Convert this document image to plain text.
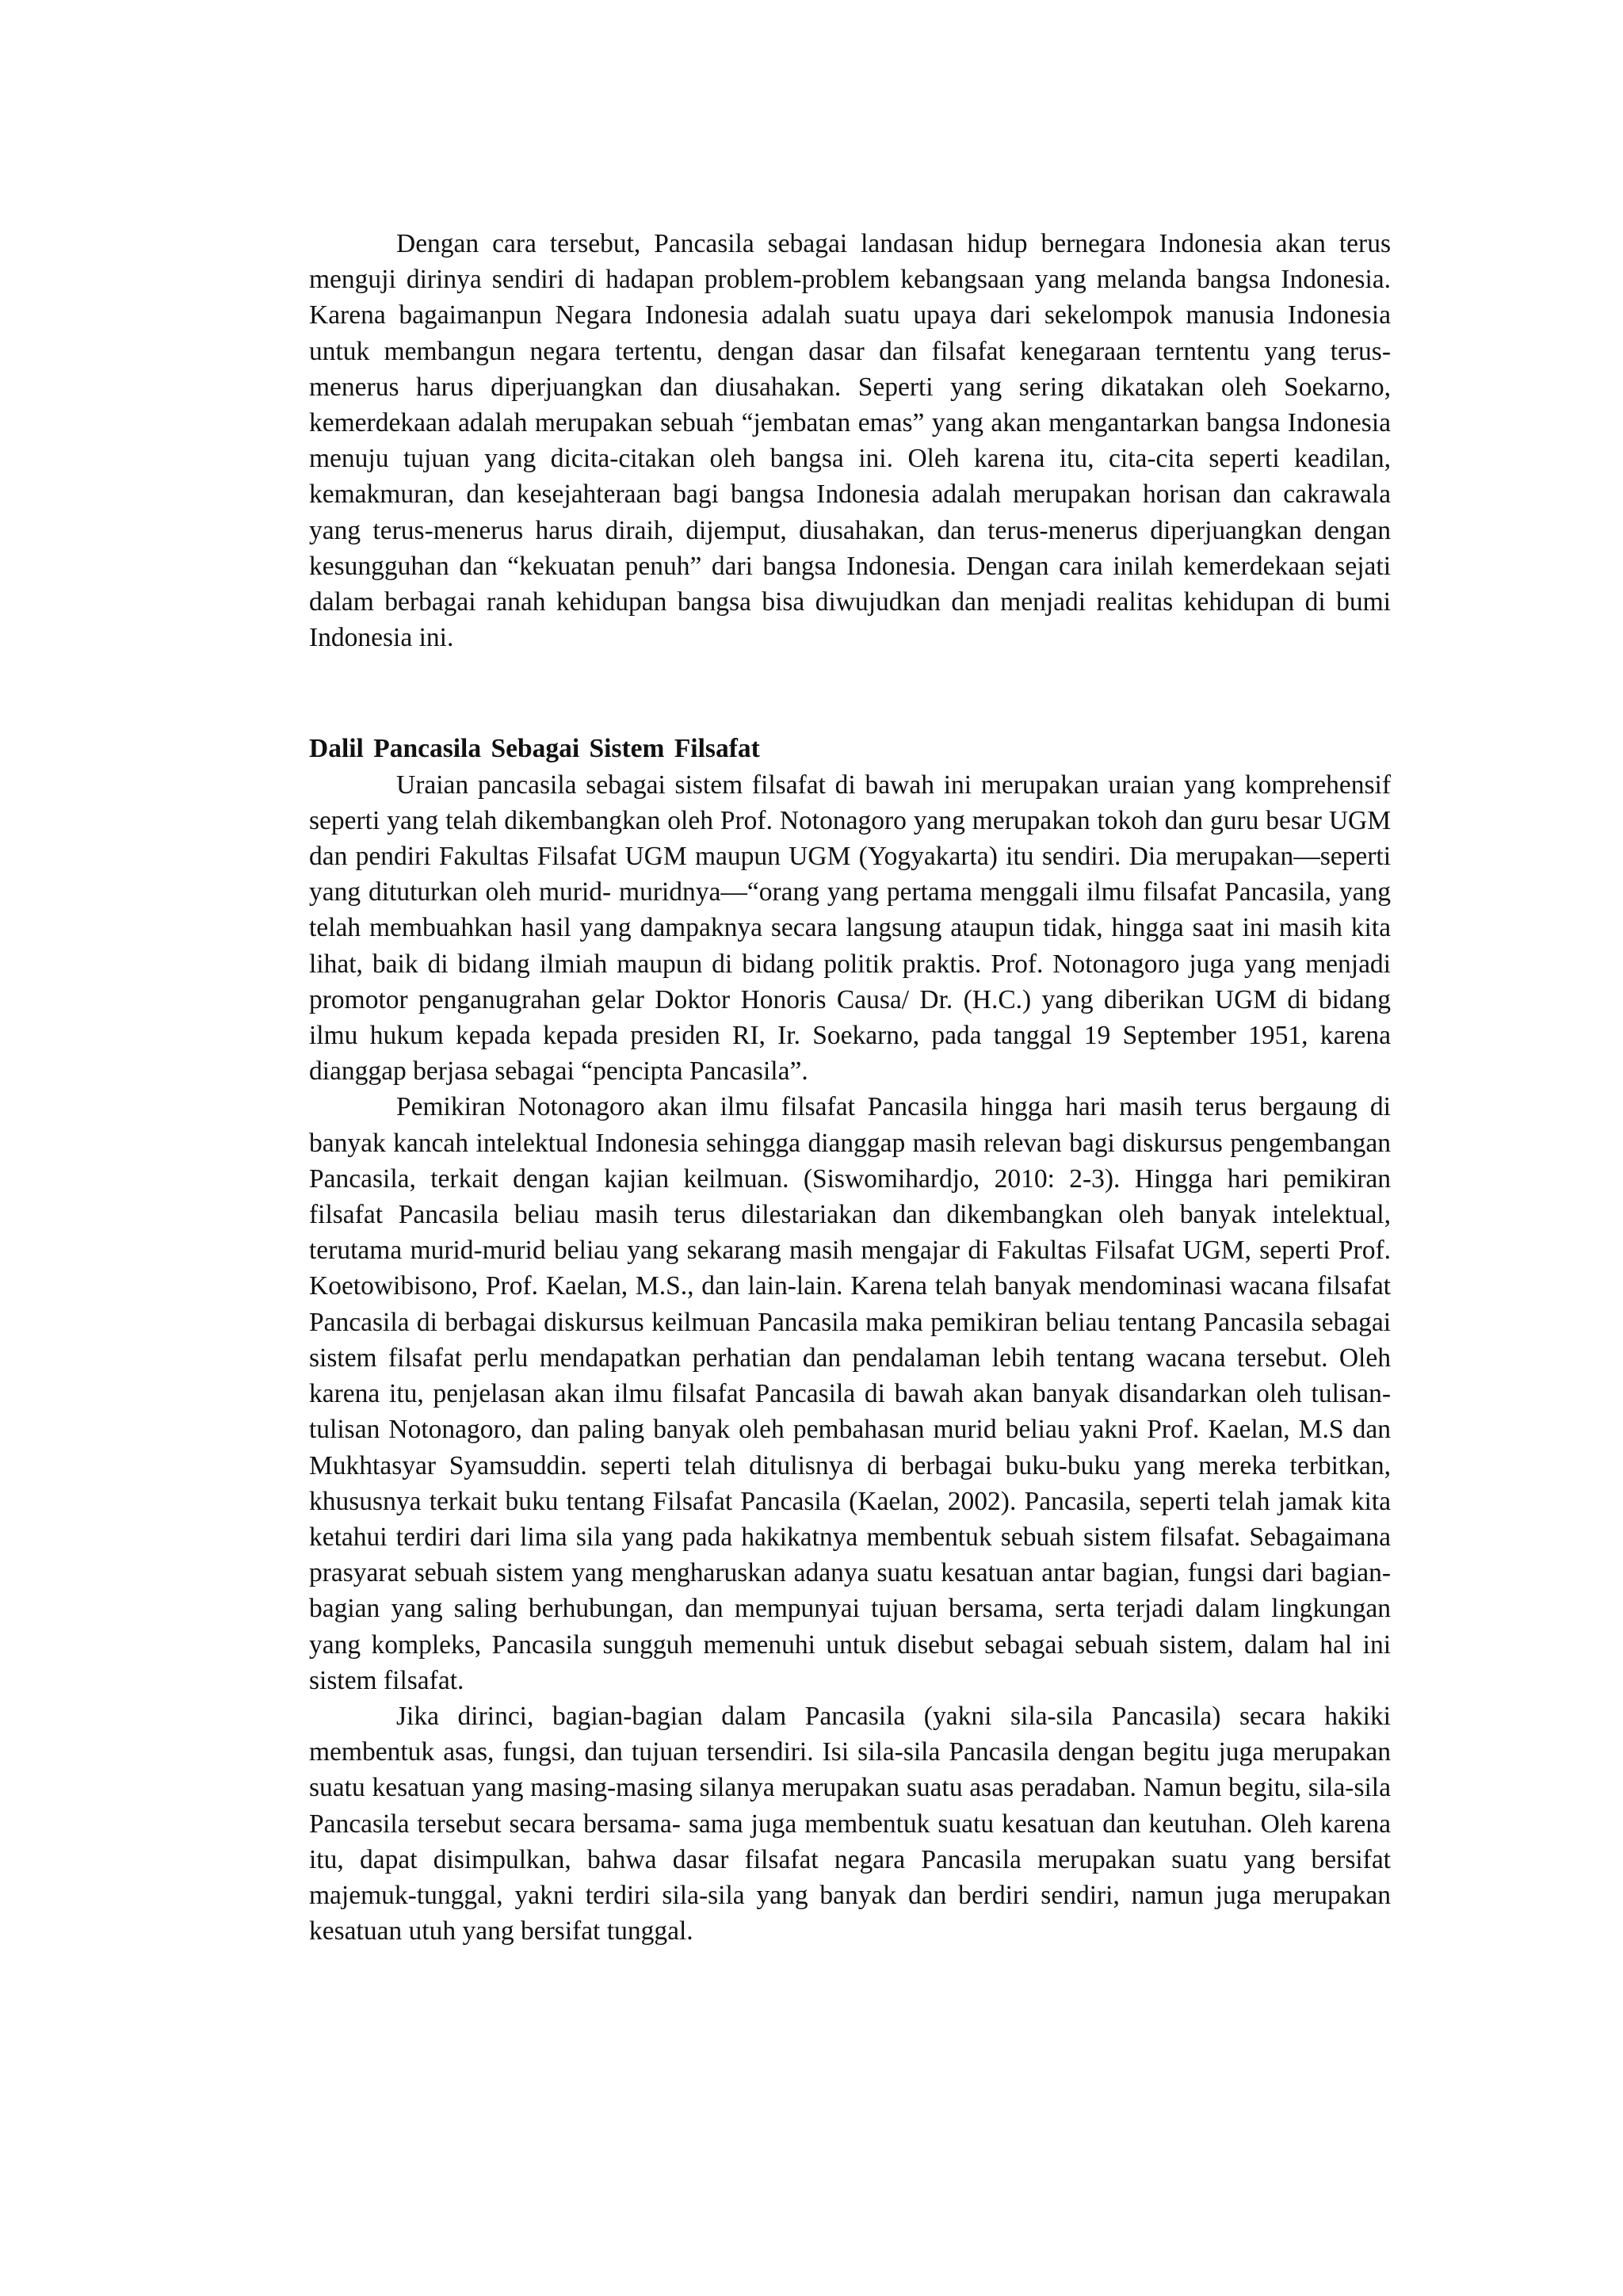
Dengan cara tersebut, Pancasila sebagai landasan hidup bernegara Indonesia akan terus menguji dirinya sendiri di hadapan problem-problem kebangsaan yang melanda bangsa Indonesia. Karena bagaimanpun Negara Indonesia adalah suatu upaya dari sekelompok manusia Indonesia untuk membangun negara tertentu, dengan dasar dan filsafat kenegaraan terntentu yang terus-menerus harus diperjuangkan dan diusahakan. Seperti yang sering dikatakan oleh Soekarno, kemerdekaan adalah merupakan sebuah “jembatan emas” yang akan mengantarkan bangsa Indonesia menuju tujuan yang dicita-citakan oleh bangsa ini. Oleh karena itu, cita-cita seperti keadilan, kemakmuran, dan kesejahteraan bagi bangsa Indonesia adalah merupakan horisan dan cakrawala yang terus-menerus harus diraih, dijemput, diusahakan, dan terus-menerus diperjuangkan dengan kesungguhan dan “kekuatan penuh” dari bangsa Indonesia. Dengan cara inilah kemerdekaan sejati dalam berbagai ranah kehidupan bangsa bisa diwujudkan dan menjadi realitas kehidupan di bumi Indonesia ini.

Dalil Pancasila Sebagai Sistem Filsafat

Uraian pancasila sebagai sistem filsafat di bawah ini merupakan uraian yang komprehensif seperti yang telah dikembangkan oleh Prof. Notonagoro yang merupakan tokoh dan guru besar UGM dan pendiri Fakultas Filsafat UGM maupun UGM (Yogyakarta) itu sendiri. Dia merupakan—seperti yang dituturkan oleh murid- muridnya—“orang yang pertama menggali ilmu filsafat Pancasila, yang telah membuahkan hasil yang dampaknya secara langsung ataupun tidak, hingga saat ini masih kita lihat, baik di bidang ilmiah maupun di bidang politik praktis. Prof. Notonagoro juga yang menjadi promotor penganugrahan gelar Doktor Honoris Causa/ Dr. (H.C.) yang diberikan UGM di bidang ilmu hukum kepada kepada presiden RI, Ir. Soekarno, pada tanggal 19 September 1951, karena dianggap berjasa sebagai “pencipta Pancasila”.

Pemikiran Notonagoro akan ilmu filsafat Pancasila hingga hari masih terus bergaung di banyak kancah intelektual Indonesia sehingga dianggap masih relevan bagi diskursus pengembangan Pancasila, terkait dengan kajian keilmuan. (Siswomihardjo, 2010: 2-3). Hingga hari pemikiran filsafat Pancasila beliau masih terus dilestariakan dan dikembangkan oleh banyak intelektual, terutama murid-murid beliau yang sekarang masih mengajar di Fakultas Filsafat UGM, seperti Prof. Koetowibisono, Prof. Kaelan, M.S., dan lain-lain. Karena telah banyak mendominasi wacana filsafat Pancasila di berbagai diskursus keilmuan Pancasila maka pemikiran beliau tentang Pancasila sebagai sistem filsafat perlu mendapatkan perhatian dan pendalaman lebih tentang wacana tersebut. Oleh karena itu, penjelasan akan ilmu filsafat Pancasila di bawah akan banyak disandarkan oleh tulisan-tulisan Notonagoro, dan paling banyak oleh pembahasan murid beliau yakni Prof. Kaelan, M.S dan Mukhtasyar Syamsuddin. seperti telah ditulisnya di berbagai buku-buku yang mereka terbitkan, khususnya terkait buku tentang Filsafat Pancasila (Kaelan, 2002). Pancasila, seperti telah jamak kita ketahui terdiri dari lima sila yang pada hakikatnya membentuk sebuah sistem filsafat. Sebagaimana prasyarat sebuah sistem yang mengharuskan adanya suatu kesatuan antar bagian, fungsi dari bagian- bagian yang saling berhubungan, dan mempunyai tujuan bersama, serta terjadi dalam lingkungan yang kompleks, Pancasila sungguh memenuhi untuk disebut sebagai sebuah sistem, dalam hal ini sistem filsafat.

Jika dirinci, bagian-bagian dalam Pancasila (yakni sila-sila Pancasila) secara hakiki membentuk asas, fungsi, dan tujuan tersendiri. Isi sila-sila Pancasila dengan begitu juga merupakan suatu kesatuan yang masing-masing silanya merupakan suatu asas peradaban. Namun begitu, sila-sila Pancasila tersebut secara bersama- sama juga membentuk suatu kesatuan dan keutuhan. Oleh karena itu, dapat disimpulkan, bahwa dasar filsafat negara Pancasila merupakan suatu yang bersifat majemuk-tunggal, yakni terdiri sila-sila yang banyak dan berdiri sendiri, namun juga merupakan kesatuan utuh yang bersifat tunggal.
